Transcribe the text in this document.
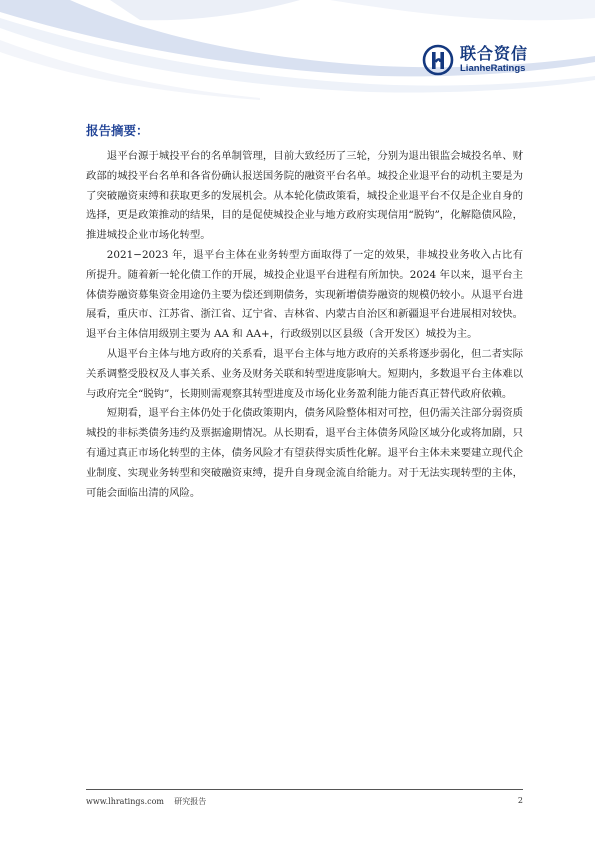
联合资信
LianheRatings
报告摘要：

退平台源于城投平台的名单制管理，目前大致经历了三轮，分别为退出银监会城投名单、财政部的城投平台名单和各省份确认报送国务院的融资平台名单。城投企业退平台的动机主要是为了突破融资束缚和获取更多的发展机会。从本轮化债政策看，城投企业退平台不仅是企业自身的选择，更是政策推动的结果，目的是促使城投企业与地方政府实现信用“脱钩”，化解隐债风险，推进城投企业市场化转型。

2021−2023 年，退平台主体在业务转型方面取得了一定的效果，非城投业务收入占比有所提升。随着新一轮化债工作的开展，城投企业退平台进程有所加快。2024 年以来，退平台主体债券融资募集资金用途仍主要为偿还到期债务，实现新增债券融资的规模仍较小。从退平台进展看，重庆市、江苏省、浙江省、辽宁省、吉林省、内蒙古自治区和新疆退平台进展相对较快。退平台主体信用级别主要为 AA 和 AA+，行政级别以区县级（含开发区）城投为主。

从退平台主体与地方政府的关系看，退平台主体与地方政府的关系将逐步弱化，但二者实际关系调整受股权及人事关系、业务及财务关联和转型进度影响大。短期内，多数退平台主体难以与政府完全“脱钩”，长期则需观察其转型进度及市场化业务盈利能力能否真正替代政府依赖。

短期看，退平台主体仍处于化债政策期内，债务风险整体相对可控，但仍需关注部分弱资质城投的非标类债务违约及票据逾期情况。从长期看，退平台主体债务风险区域分化或将加剧，只有通过真正市场化转型的主体，债务风险才有望获得实质性化解。退平台主体未来要建立现代企业制度、实现业务转型和突破融资束缚，提升自身现金流自给能力。对于无法实现转型的主体，可能会面临出清的风险。

www.lhratings.com    研究报告	2
